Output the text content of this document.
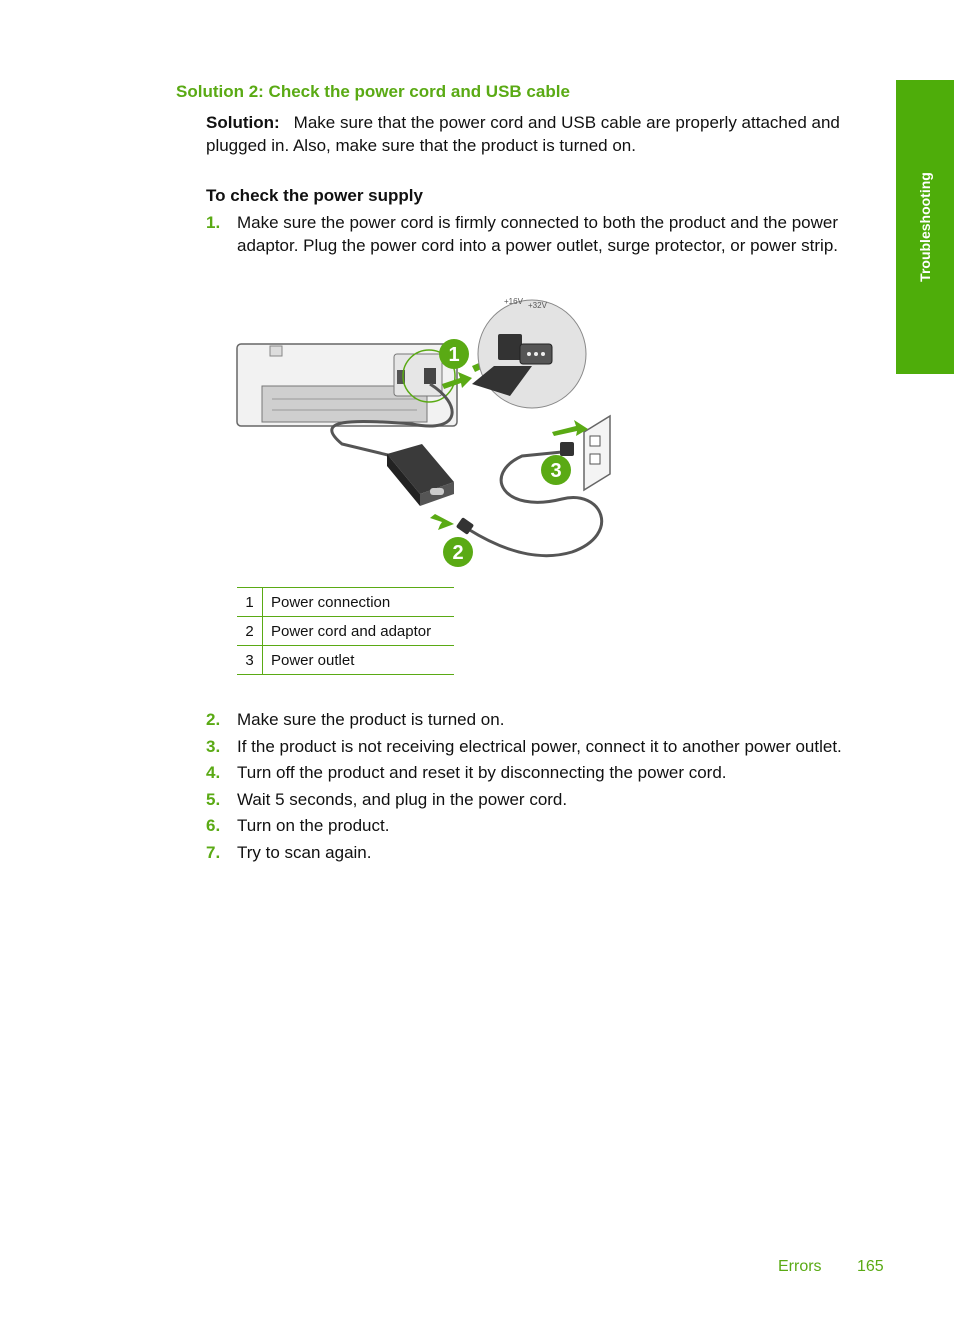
Troubleshooting
Solution 2: Check the power cord and USB cable
Solution: Make sure that the power cord and USB cable are properly attached and plugged in. Also, make sure that the product is turned on.
To check the power supply
1. Make sure the power cord is firmly connected to both the product and the power adaptor. Plug the power cord into a power outlet, surge protector, or power strip.
+16V +32V
1
2
3
1	Power connection
2	Power cord and adaptor
3	Power outlet
2. Make sure the product is turned on.
3. If the product is not receiving electrical power, connect it to another power outlet.
4. Turn off the product and reset it by disconnecting the power cord.
5. Wait 5 seconds, and plug in the power cord.
6. Turn on the product.
7. Try to scan again.
Errors 165
